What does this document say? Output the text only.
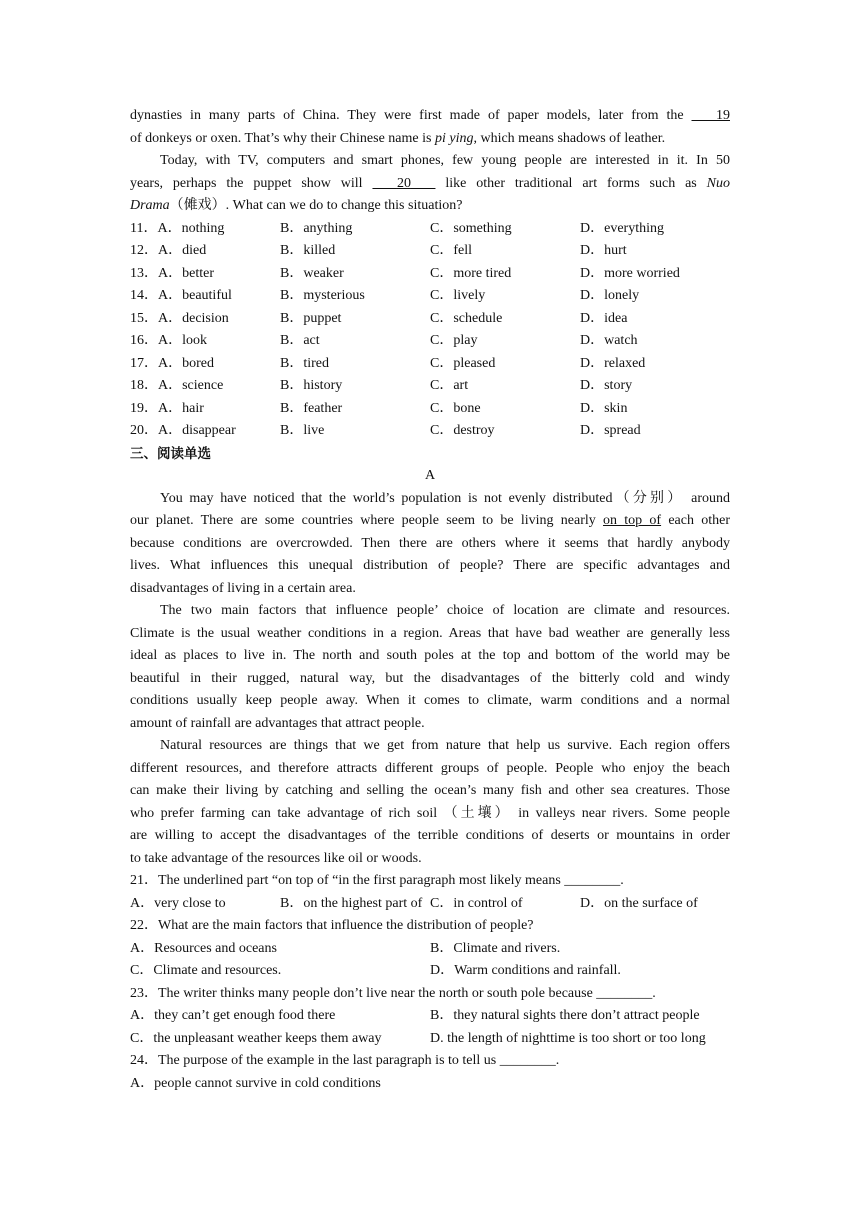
dynasties in many parts of China. They were first made of paper models, later from the        19
of donkeys or oxen. That’s why their Chinese name is pi ying, which means shadows of leather.
Today, with TV, computers and smart phones, few young people are interested in it. In 50
years, perhaps the puppet show will        20        like other traditional art forms such as Nuo
Drama（傩戏）. What can we do to change this situation?
11．A．nothing	B．anything	C．something	D．everything
12．A．died	B．killed	C．fell	D．hurt
13．A．better	B．weaker	C．more tired	D．more worried
14．A．beautiful	B．mysterious	C．lively	D．lonely
15．A．decision	B．puppet	C．schedule	D．idea
16．A．look	B．act	C．play	D．watch
17．A．bored	B．tired	C．pleased	D．relaxed
18．A．science	B．history	C．art	D．story
19．A．hair	B．feather	C．bone	D．skin
20．A．disappear	B．live	C．destroy	D．spread
三、阅读单选
A
You may have noticed that the world’s population is not evenly distributed（分别） around
our planet. There are some countries where people seem to be living nearly on top of each other
because conditions are overcrowded. Then there are others where it seems that hardly anybody
lives. What influences this unequal distribution of people? There are specific advantages and
disadvantages of living in a certain area.
The two main factors that influence people’ choice of location are climate and resources.
Climate is the usual weather conditions in a region. Areas that have bad weather are generally less
ideal as places to live in. The north and south poles at the top and bottom of the world may be
beautiful in their rugged, natural way, but the disadvantages of the bitterly cold and windy
conditions usually keep people away. When it comes to climate, warm conditions and a normal
amount of rainfall are advantages that attract people.
Natural resources are things that we get from nature that help us survive. Each region offers
different resources, and therefore attracts different groups of people. People who enjoy the beach
can make their living by catching and selling the ocean’s many fish and other sea creatures. Those
who prefer farming can take advantage of rich soil （土壤） in valleys near rivers. Some people
are willing to accept the disadvantages of the terrible conditions of deserts or mountains in order
to take advantage of the resources like oil or woods.
21．The underlined part “on top of “in the first paragraph most likely means ________.
A．very close to	B．on the highest part of C．in control of	D．on the surface of
22．What are the main factors that influence the distribution of people?
A．Resources and oceans	B．Climate and rivers.
C．Climate and resources.	D．Warm conditions and rainfall.
23．The writer thinks many people don’t live near the north or south pole because ________.
A．they can’t get enough food there	B．they natural sights there don’t attract people
C．the unpleasant weather keeps them away	D. the length of nighttime is too short or too long
24．The purpose of the example in the last paragraph is to tell us ________.
A．people cannot survive in cold conditions
